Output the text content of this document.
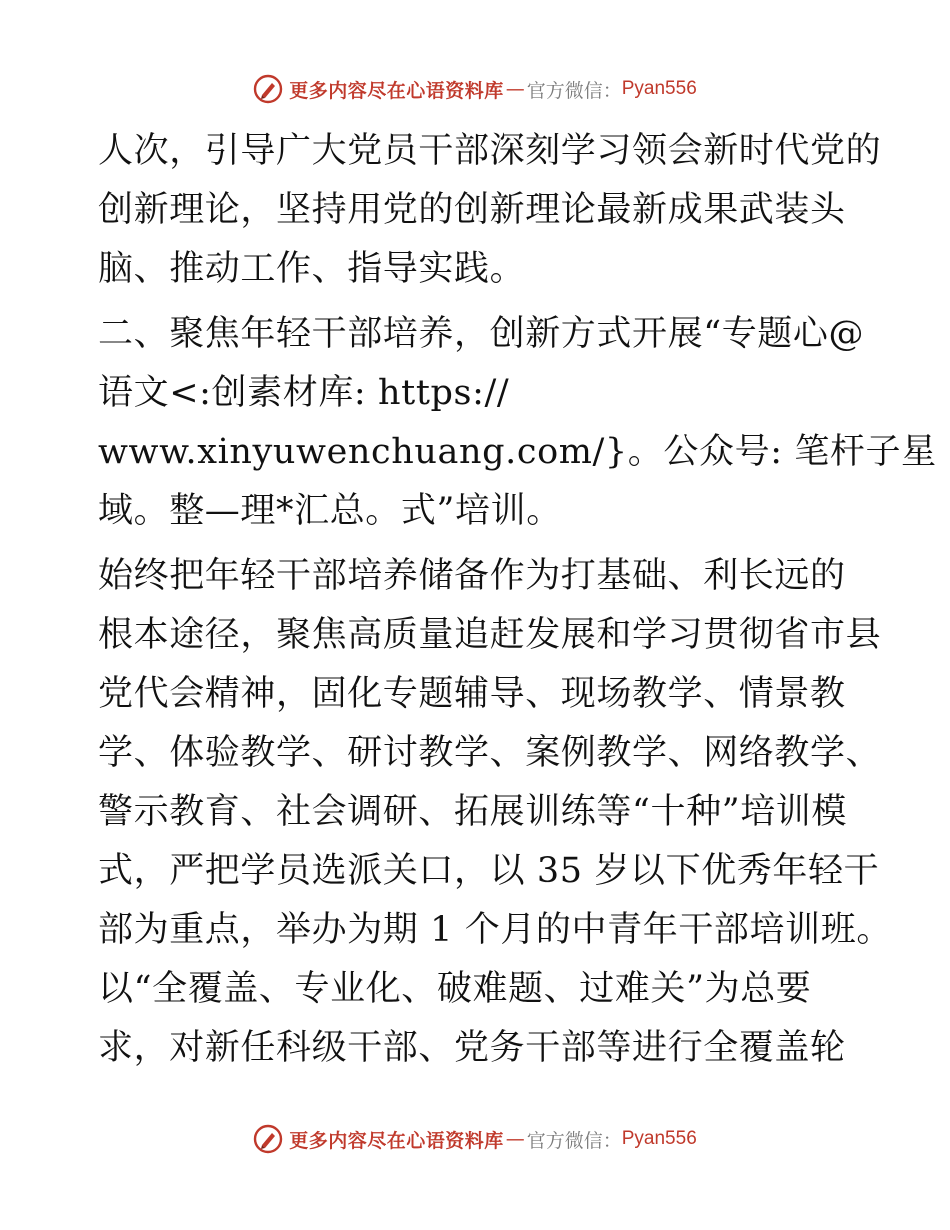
更多内容尽在心语资料库 — 官方微信： Pyan556
人次，引导广大党员干部深刻学习领会新时代党的
创新理论，坚持用党的创新理论最新成果武装头
脑、推动工作、指导实践。
二、聚焦年轻干部培养，创新方式开展“专题心@
语文<:创素材库: https://
www.xinyuwenchuang.com/}。公众号: 笔杆子星
域。整—理*汇总。式”培训。
始终把年轻干部培养储备作为打基础、利长远的
根本途径，聚焦高质量追赶发展和学习贯彻省市县
党代会精神，固化专题辅导、现场教学、情景教
学、体验教学、研讨教学、案例教学、网络教学、
警示教育、社会调研、拓展训练等“十种”培训模
式，严把学员选派关口，以 35 岁以下优秀年轻干
部为重点，举办为期 1 个月的中青年干部培训班。
以“全覆盖、专业化、破难题、过难关”为总要
求，对新任科级干部、党务干部等进行全覆盖轮
更多内容尽在心语资料库 — 官方微信： Pyan556
